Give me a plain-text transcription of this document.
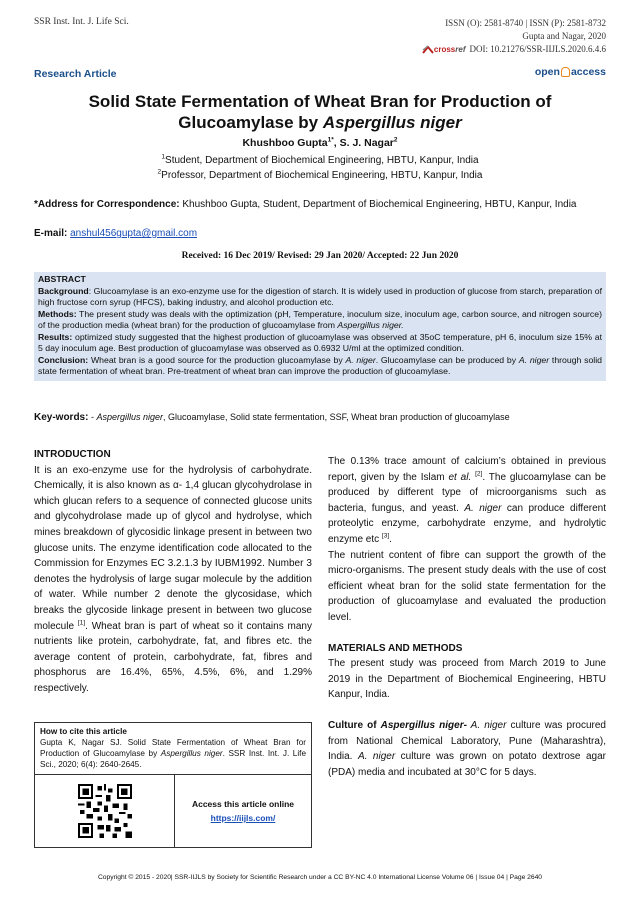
SSR Inst. Int. J. Life Sci.	ISSN (O): 2581-8740 | ISSN (P): 2581-8732
Gupta and Nagar, 2020
cross ref DOI: 10.21276/SSR-IIJLS.2020.6.4.6
Research Article	open access
Solid State Fermentation of Wheat Bran for Production of
Glucoamylase by Aspergillus niger
Khushboo Gupta$^{1*}$, S. J. Nagar$^2$
$^1$Student, Department of Biochemical Engineering, HBTU, Kanpur, India
$^2$Professor, Department of Biochemical Engineering, HBTU, Kanpur, India
*Address for Correspondence: Khushboo Gupta, Student, Department of Biochemical Engineering, HBTU, Kanpur, India
E-mail: anshul456gupta@gmail.com
Received: 16 Dec 2019/ Revised: 29 Jan 2020/ Accepted: 22 Jun 2020

ABSTRACT

Background: Glucoamylase is an exo-enzyme use for the digestion of starch. It is widely used in production of glucose from starch, preparation of high fructose corn syrup (HFCS), baking industry, and alcohol production etc.

Methods: The present study was deals with the optimization (pH, Temperature, inoculum size, inoculum age, carbon source, and nitrogen source) of the production media (wheat bran) for the production of glucoamylase from Aspergillus niger.

Results: optimized study suggested that the highest production of glucoamylase was observed at 35oC temperature, pH 6, inoculum size 15% at 5 day inoculum age. Best production of glucoamylase was observed as 0.6932 U/ml at the optimized condition.

Conclusion: Wheat bran is a good source for the production glucoamylase by A. niger. Glucoamylase can be produced by A. niger through solid state fermentation of wheat bran. Pre-treatment of wheat bran can improve the production of glucoamylase.

Key-words: - Aspergillus niger, Glucoamylase, Solid state fermentation, SSF, Wheat bran production of glucoamylase

INTRODUCTION

It is an exo-enzyme use for the hydrolysis of carbohydrate. Chemically, it is also known as α- 1,4 glucan glycohydrolase in which glucan refers to a sequence of connected glucose units and glycohydrolase made up of glycol and hydrolyse, which mines breakdown of glycosidic linkage present in between two glucose units. The enzyme identification code allocated to the Commission for Enzymes EC 3.2.1.3 by IUBM1992. Number 3 denotes the hydrolysis of large sugar molecule by the addition of water. While number 2 denote the glycosidase, which breaks the glycoside linkage present in between two glucose molecule [1]. Wheat bran is part of wheat so it contains many nutrients like protein, carbohydrate, fat, and fibres etc. the average content of protein, carbohydrate, fat, fibres and phosphorus are 16.4%, 65%, 4.5%, 6%, and 1.29% respectively.

The 0.13% trace amount of calcium’s obtained in previous report, given by the Islam et al. [2]. The glucoamylase can be produced by different type of microorganisms such as bacteria, fungus, and yeast. A. niger can produce different proteolytic enzyme, carbohydrate enzyme, and hydrolytic enzyme etc [3].

The nutrient content of fibre can support the growth of the micro-organisms. The present study deals with the use of cost efficient wheat bran for the solid state fermentation for the production of glucoamylase and evaluated the production level.

MATERIALS AND METHODS

The present study was proceed from March 2019 to June 2019 in the Department of Biochemical Engineering, HBTU Kanpur, India.

Culture of Aspergillus niger- A. niger culture was procured from National Chemical Laboratory, Pune (Maharashtra), India. A. niger culture was grown on potato dextrose agar (PDA) media and incubated at 30°C for 5 days.

How to cite this article
Gupta K, Nagar SJ. Solid State Fermentation of Wheat Bran for Production of Glucoamylase by Aspergillus niger. SSR Inst. Int. J. Life Sci., 2020; 6(4): 2640-2645.
Access this article online
https://iijls.com/
Copyright © 2015 - 2020| SSR-IIJLS by Society for Scientific Research under a CC BY-NC 4.0 International License Volume 06 | Issue 04 | Page 2640
